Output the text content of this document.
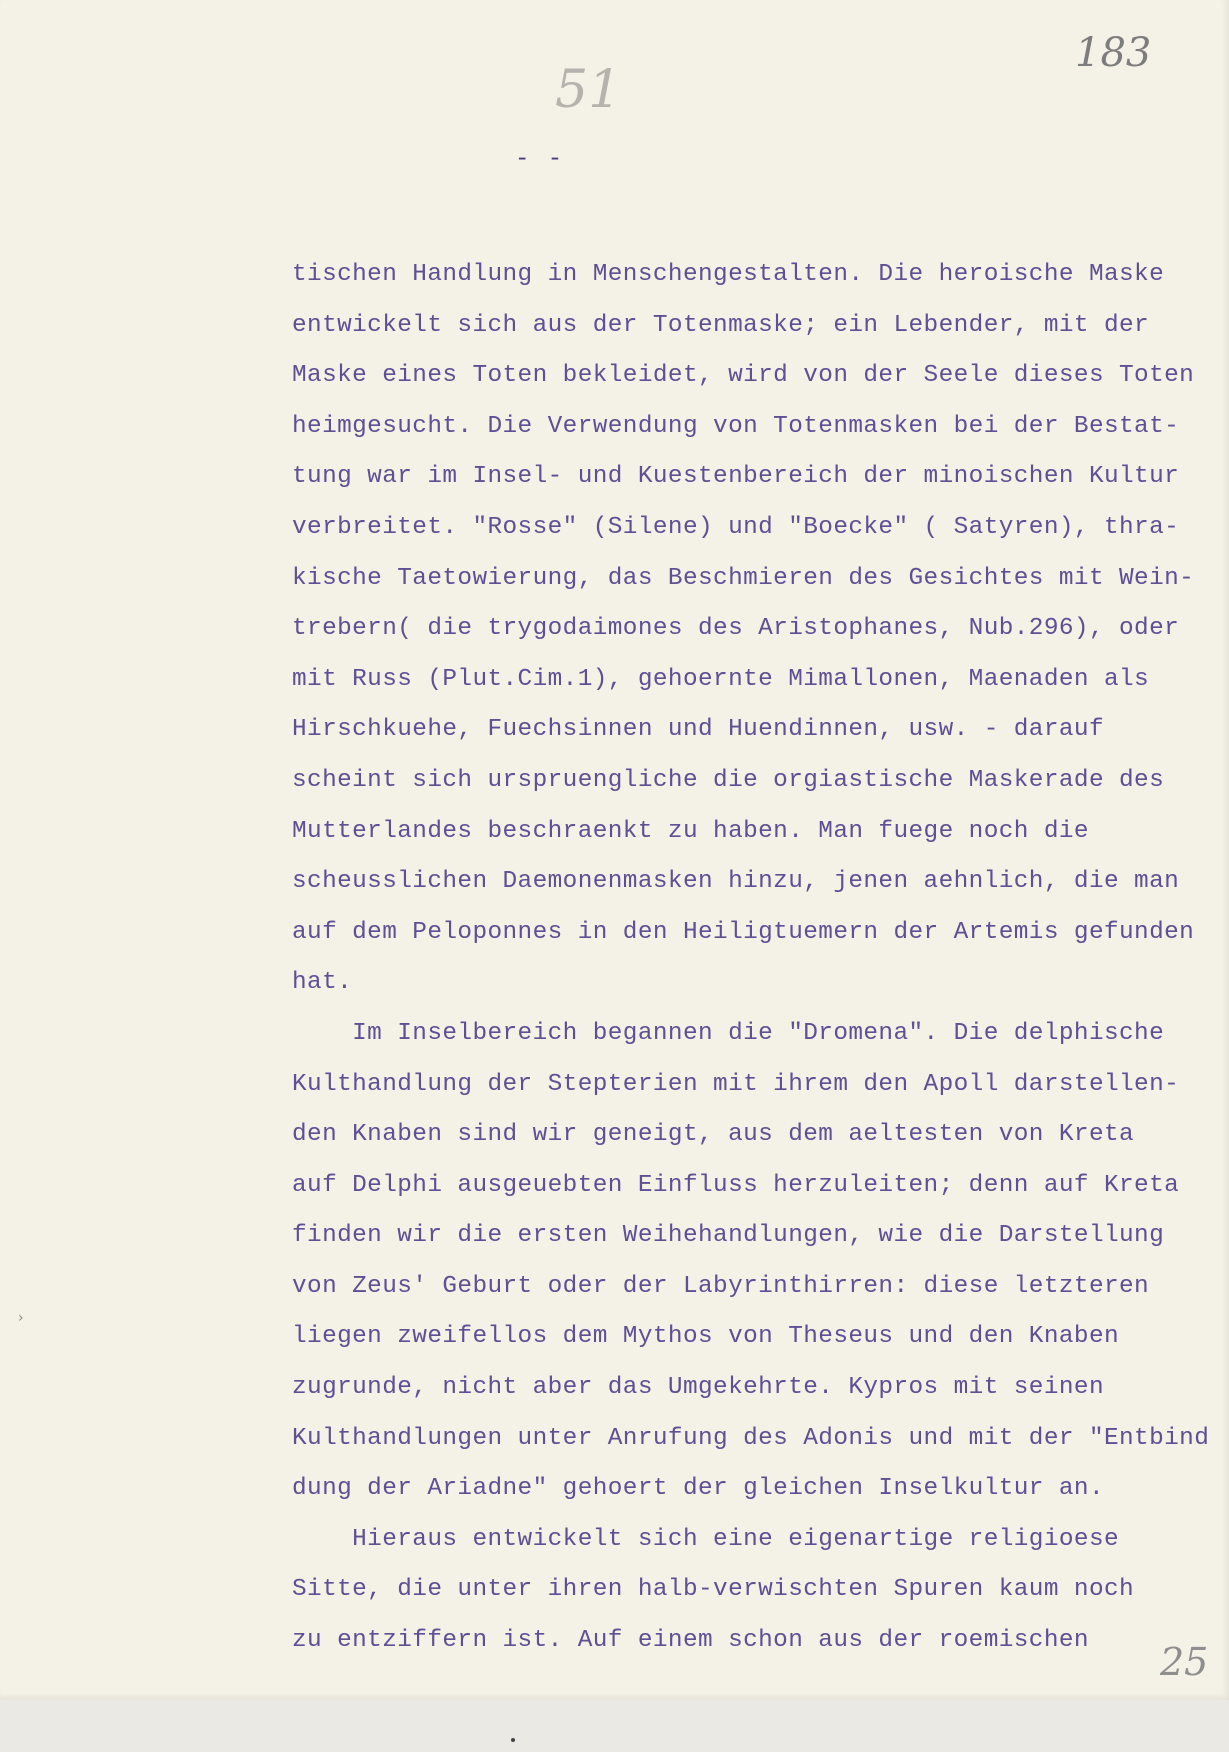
183
51
- -
tischen Handlung in Menschengestalten. Die heroische Maske
entwickelt sich aus der Totenmaske; ein Lebender, mit der
Maske eines Toten bekleidet, wird von der Seele dieses Toten
heimgesucht. Die Verwendung von Totenmasken bei der Bestat-
tung war im Insel- und Kuestenbereich der minoischen Kultur
verbreitet. "Rosse" (Silene) und "Boecke" ( Satyren), thra-
kische Taetowierung, das Beschmieren des Gesichtes mit Wein-
trebern( die trygodaimones des Aristophanes, Nub.296), oder
mit Russ (Plut.Cim.1), gehoernte Mimallonen, Maenaden als
Hirschkuehe, Fuechsinnen und Huendinnen, usw. - darauf
scheint sich urspruengliche die orgiastische Maskerade des
Mutterlandes beschraenkt zu haben. Man fuege noch die
scheusslichen Daemonenmasken hinzu, jenen aehnlich, die man
auf dem Peloponnes in den Heiligtuemern der Artemis gefunden
hat.
Im Inselbereich begannen die "Dromena". Die delphische
Kulthandlung der Stepterien mit ihrem den Apoll darstellen-
den Knaben sind wir geneigt, aus dem aeltesten von Kreta
auf Delphi ausgeuebten Einfluss herzuleiten; denn auf Kreta
finden wir die ersten Weihehandlungen, wie die Darstellung
von Zeus' Geburt oder der Labyrinthirren: diese letzteren
liegen zweifellos dem Mythos von Theseus und den Knaben
zugrunde, nicht aber das Umgekehrte. Kypros mit seinen
Kulthandlungen unter Anrufung des Adonis und mit der "Entbind
dung der Ariadne" gehoert der gleichen Inselkultur an.
Hieraus entwickelt sich eine eigenartige religioese
Sitte, die unter ihren halb-verwischten Spuren kaum noch
zu entziffern ist. Auf einem schon aus der roemischen	25
›
